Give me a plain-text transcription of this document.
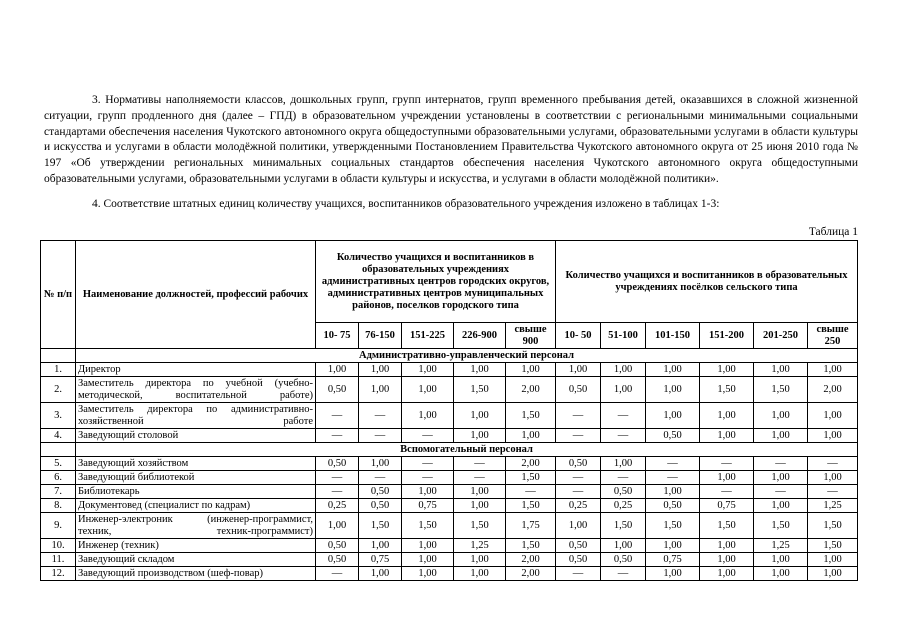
3. Нормативы наполняемости классов, дошкольных групп, групп интернатов, групп временного пребывания детей, оказавшихся в сложной жизненной ситуации, групп продленного дня (далее – ГПД) в образовательном учреждении установлены в соответствии с региональными минимальными социальными стандартами обеспечения населения Чукотского автономного округа общедоступными образовательными услугами, образовательными услугами в области культуры и искусства и услугами в области молодёжной политики, утвержденными Постановлением Правительства Чукотского автономного округа от 25 июня 2010 года № 197 «Об утверждении региональных минимальных социальных стандартов обеспечения населения Чукотского автономного округа общедоступными образовательными услугами, образовательными услугами в области культуры и искусства, и услугами в области молодёжной политики».
4. Соответствие штатных единиц количеству учащихся, воспитанников образовательного учреждения изложено в таблицах 1-3:
Таблица 1
№ п/п	Наименование должностей, профессий рабочих	Количество учащихся и воспитанников в образовательных учреждениях административных центров городских округов, административных центров муниципальных районов, поселков городского типа					Количество учащихся и воспитанников в образовательных учреждениях посёлков сельского типа					
		10- 75	76-150	151-225	226-900	свыше 900	10- 50	51-100	101-150	151-200	201-250	свыше 250
	Административно-управленческий персонал											
1.	Директор	1,00	1,00	1,00	1,00	1,00	1,00	1,00	1,00	1,00	1,00	1,00
2.	Заместитель директора по учебной (учебно-методической, воспитательной работе)	0,50	1,00	1,00	1,50	2,00	0,50	1,00	1,00	1,50	1,50	2,00
3.	Заместитель директора по административно-хозяйственной работе	—	—	1,00	1,00	1,50	—	—	1,00	1,00	1,00	1,00
4.	Заведующий столовой	—	—	—	1,00	1,00	—	—	0,50	1,00	1,00	1,00
	Вспомогательный персонал											
5.	Заведующий хозяйством	0,50	1,00	—	—	2,00	0,50	1,00	—	—	—	—
6.	Заведующий библиотекой	—	—	—	—	1,50	—	—	—	1,00	1,00	1,00
7.	Библиотекарь	—	0,50	1,00	1,00	—	—	0,50	1,00	—	—	—
8.	Документовед (специалист по кадрам)	0,25	0,50	0,75	1,00	1,50	0,25	0,25	0,50	0,75	1,00	1,25
9.	Инженер-электроник (инженер-программист, техник, техник-программист)	1,00	1,50	1,50	1,50	1,75	1,00	1,50	1,50	1,50	1,50	1,50
10.	Инженер (техник)	0,50	1,00	1,00	1,25	1,50	0,50	1,00	1,00	1,00	1,25	1,50
11.	Заведующий складом	0,50	0,75	1,00	1,00	2,00	0,50	0,50	0,75	1,00	1,00	1,00
12.	Заведующий производством (шеф-повар)	—	1,00	1,00	1,00	2,00	—	—	1,00	1,00	1,00	1,00
